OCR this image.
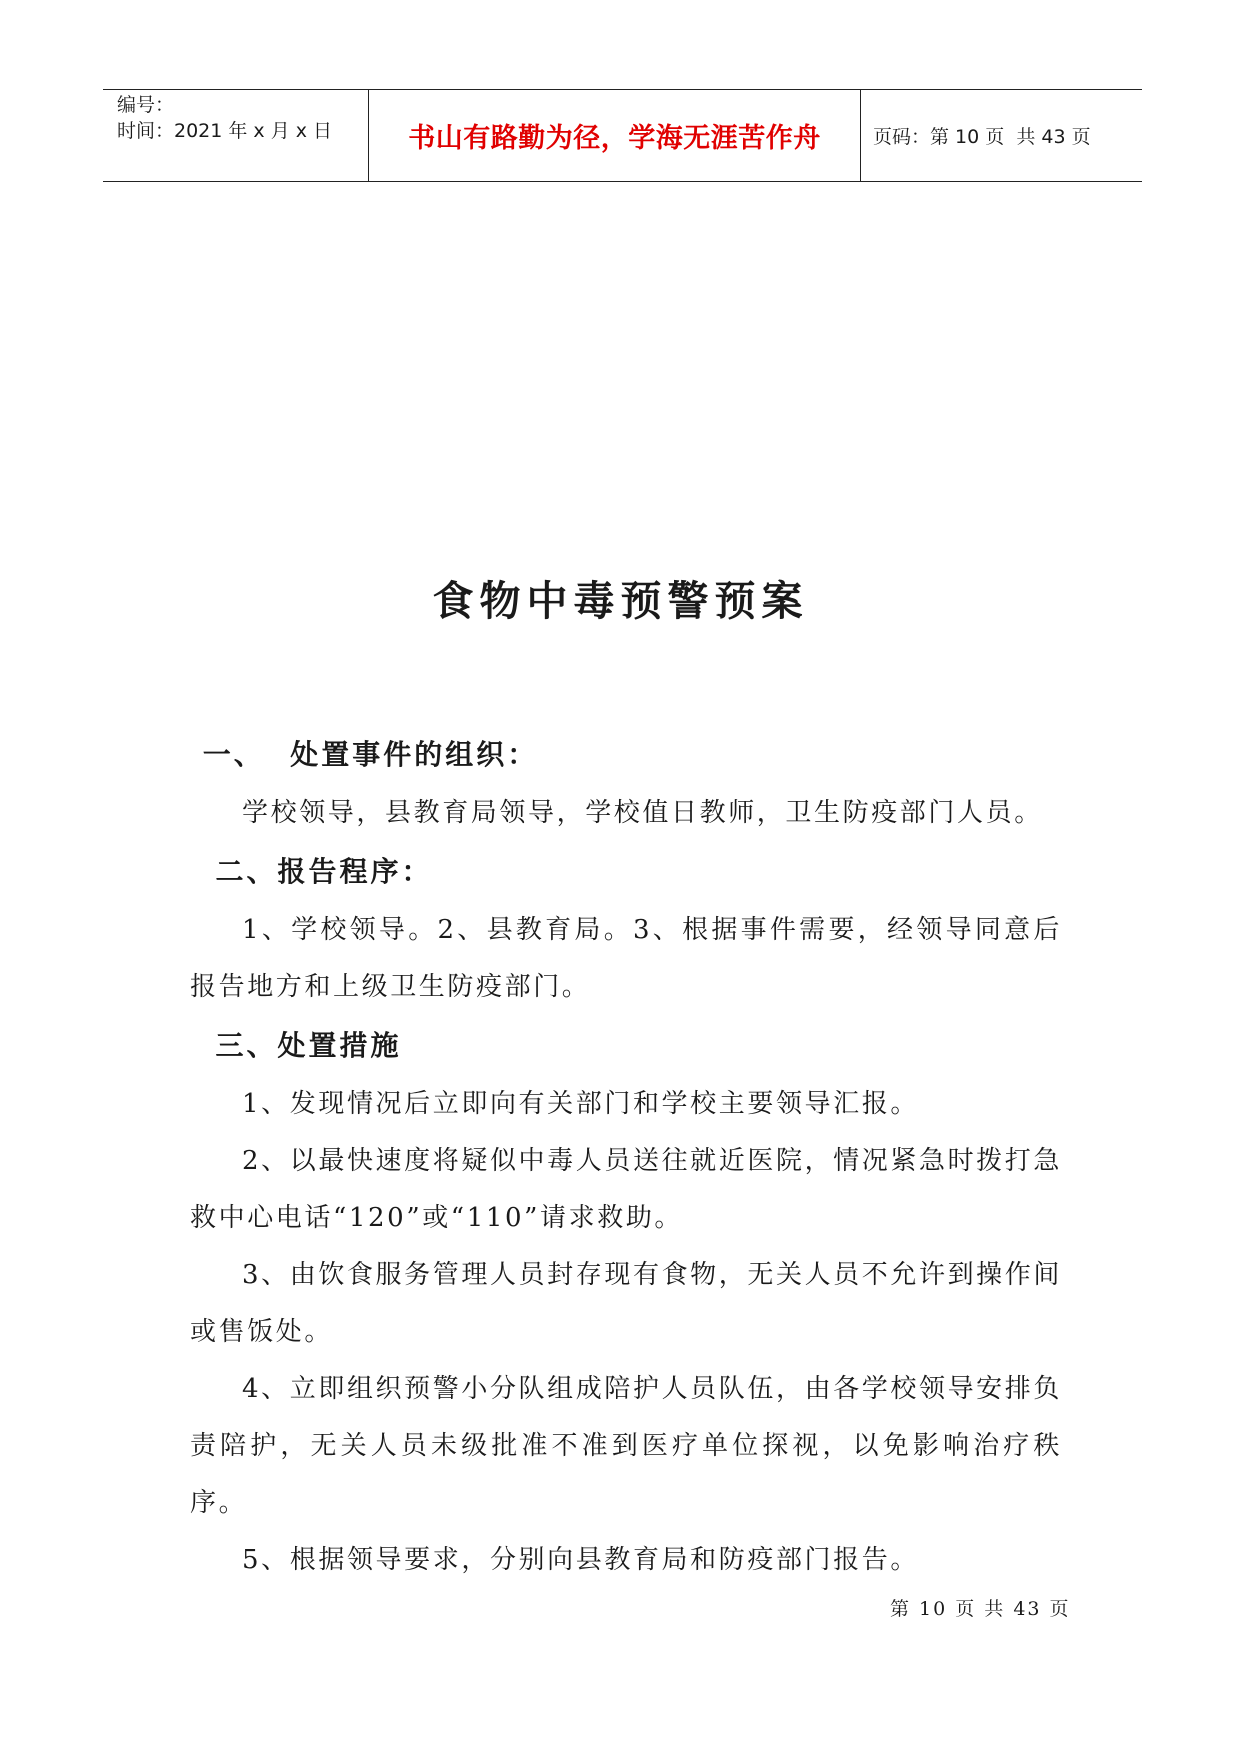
编号：
时间：2021 年 x 月 x 日	书山有路勤为径，学海无涯苦作舟	页码：第 10 页  共 43 页
食物中毒预警预案
一、  处置事件的组织：
学校领导，县教育局领导，学校值日教师，卫生防疫部门人员。
二、报告程序：
1、学校领导。2、县教育局。3、根据事件需要，经领导同意后报告地方和上级卫生防疫部门。
三、处置措施
1、发现情况后立即向有关部门和学校主要领导汇报。
2、以最快速度将疑似中毒人员送往就近医院，情况紧急时拨打急救中心电话“120”或“110”请求救助。
3、由饮食服务管理人员封存现有食物，无关人员不允许到操作间或售饭处。
4、立即组织预警小分队组成陪护人员队伍，由各学校领导安排负责陪护，无关人员未级批准不准到医疗单位探视，以免影响治疗秩序。
5、根据领导要求，分别向县教育局和防疫部门报告。
第 10 页 共 43 页
